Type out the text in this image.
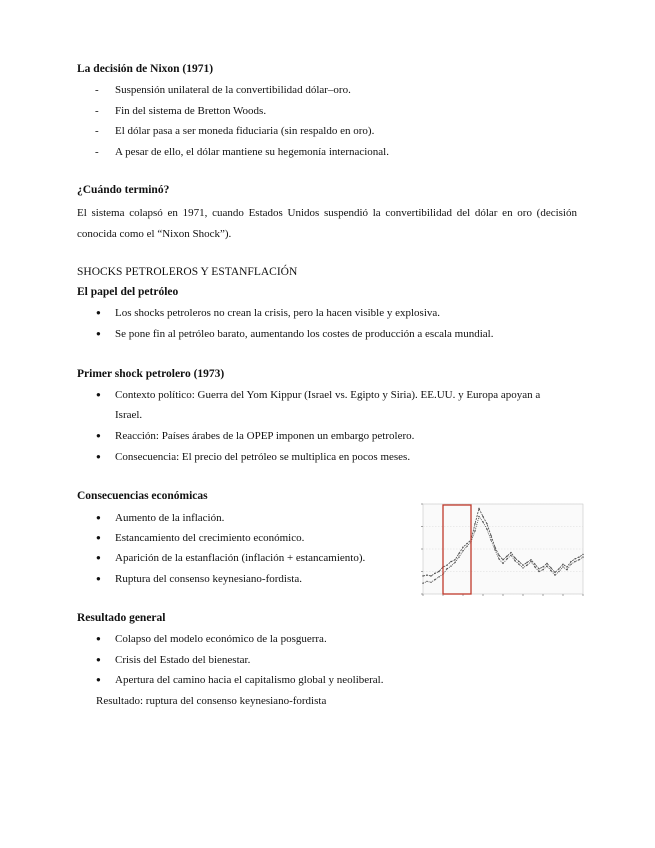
La decisión de Nixon (1971)
- Suspensión unilateral de la convertibilidad dólar–oro.
- Fin del sistema de Bretton Woods.
- El dólar pasa a ser moneda fiduciaria (sin respaldo en oro).
- A pesar de ello, el dólar mantiene su hegemonía internacional.
¿Cuándo terminó?
El sistema colapsó en 1971, cuando Estados Unidos suspendió la convertibilidad del dólar en oro (decisión conocida como el “Nixon Shock”).
SHOCKS PETROLEROS Y ESTANFLACIÓN
El papel del petróleo
● Los shocks petroleros no crean la crisis, pero la hacen visible y explosiva.
● Se pone fin al petróleo barato, aumentando los costes de producción a escala mundial.
Primer shock petrolero (1973)
● Contexto político: Guerra del Yom Kippur (Israel vs. Egipto y Siria). EE.UU. y Europa apoyan a
Israel.
● Reacción: Países árabes de la OPEP imponen un embargo petrolero.
● Consecuencia: El precio del petróleo se multiplica en pocos meses.
Consecuencias económicas
● Aumento de la inflación.
● Estancamiento del crecimiento económico.
● Aparición de la estanflación (inflación + estancamiento).
● Ruptura del consenso keynesiano-fordista.
Resultado general
● Colapso del modelo económico de la posguerra.
● Crisis del Estado del bienestar.
● Apertura del camino hacia el capitalismo global y neoliberal.
Resultado: ruptura del consenso keynesiano-fordista
